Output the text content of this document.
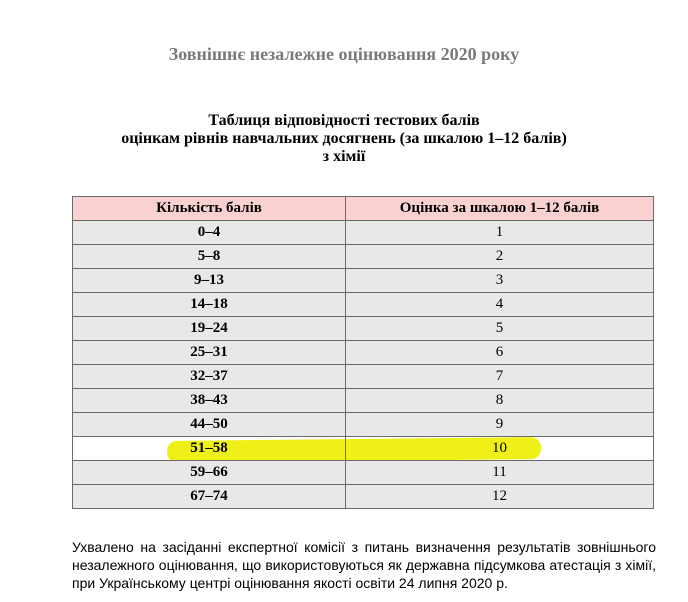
Зовнішнє незалежне оцінювання 2020 року
Таблиця відповідності тестових балів
оцінкам рівнів навчальних досягнень (за шкалою 1–12 балів)
з хімії
Кількість балів	Оцінка за шкалою 1–12 балів
0–4	1
5–8	2
9–13	3
14–18	4
19–24	5
25–31	6
32–37	7
38–43	8
44–50	9
51–58	10
59–66	11
67–74	12
Ухвалено на засіданні експертної комісії з питань визначення результатів зовнішнього незалежного оцінювання, що використовуються як державна підсумкова атестація з хімії, при Українському центрі оцінювання якості освіти 24 липня 2020 р.
